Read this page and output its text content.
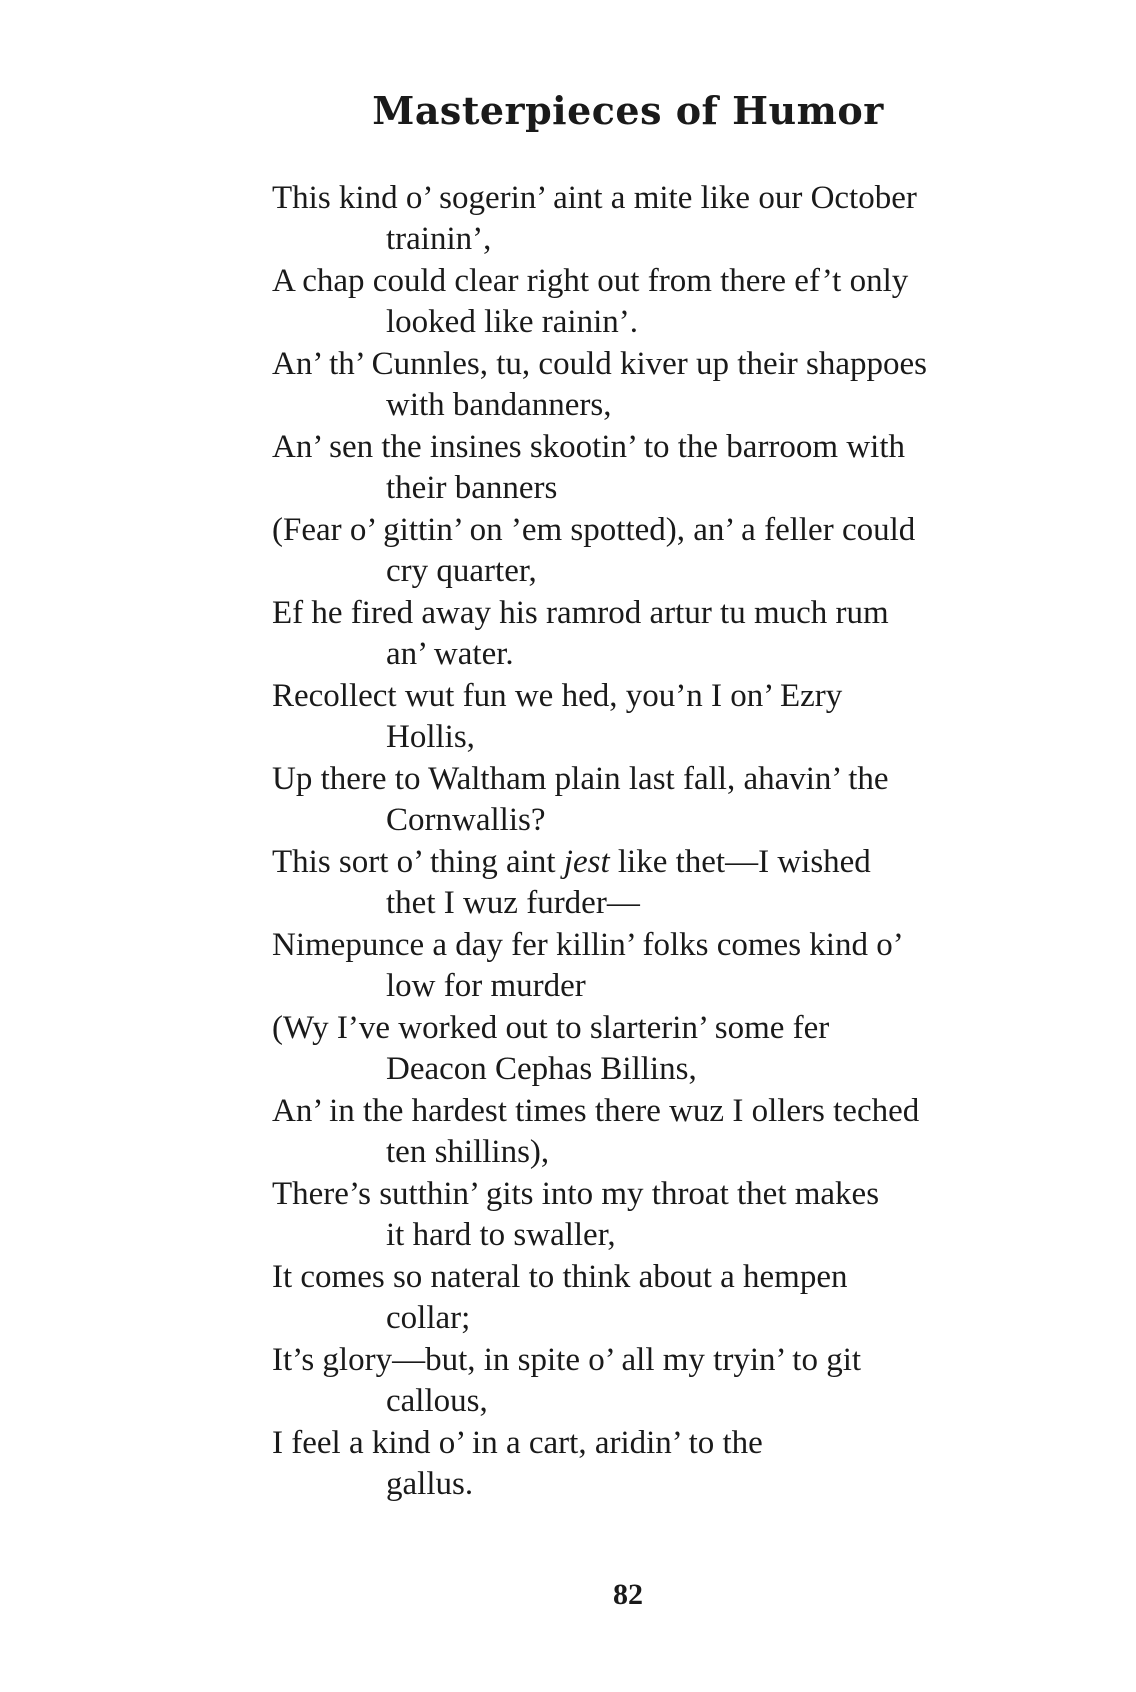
Masterpieces of Humor
This kind o’ sogerin’ aint a mite like our October
trainin’,
A chap could clear right out from there ef’t only
looked like rainin’.
An’ th’ Cunnles, tu, could kiver up their shappoes
with bandanners,
An’ sen the insines skootin’ to the barroom with
their banners
(Fear o’ gittin’ on ’em spotted), an’ a feller could
cry quarter,
Ef he fired away his ramrod artur tu much rum
an’ water.
Recollect wut fun we hed, you’n I on’ Ezry
Hollis,
Up there to Waltham plain last fall, ahavin’ the
Cornwallis?
This sort o’ thing aint jest like thet—I wished
thet I wuz furder—
Nimepunce a day fer killin’ folks comes kind o’
low for murder
(Wy I’ve worked out to slarterin’ some fer
Deacon Cephas Billins,
An’ in the hardest times there wuz I ollers teched
ten shillins),
There’s sutthin’ gits into my throat thet makes
it hard to swaller,
It comes so nateral to think about a hempen
collar;
It’s glory—but, in spite o’ all my tryin’ to git
callous,
I feel a kind o’ in a cart, aridin’ to the
gallus.
82
